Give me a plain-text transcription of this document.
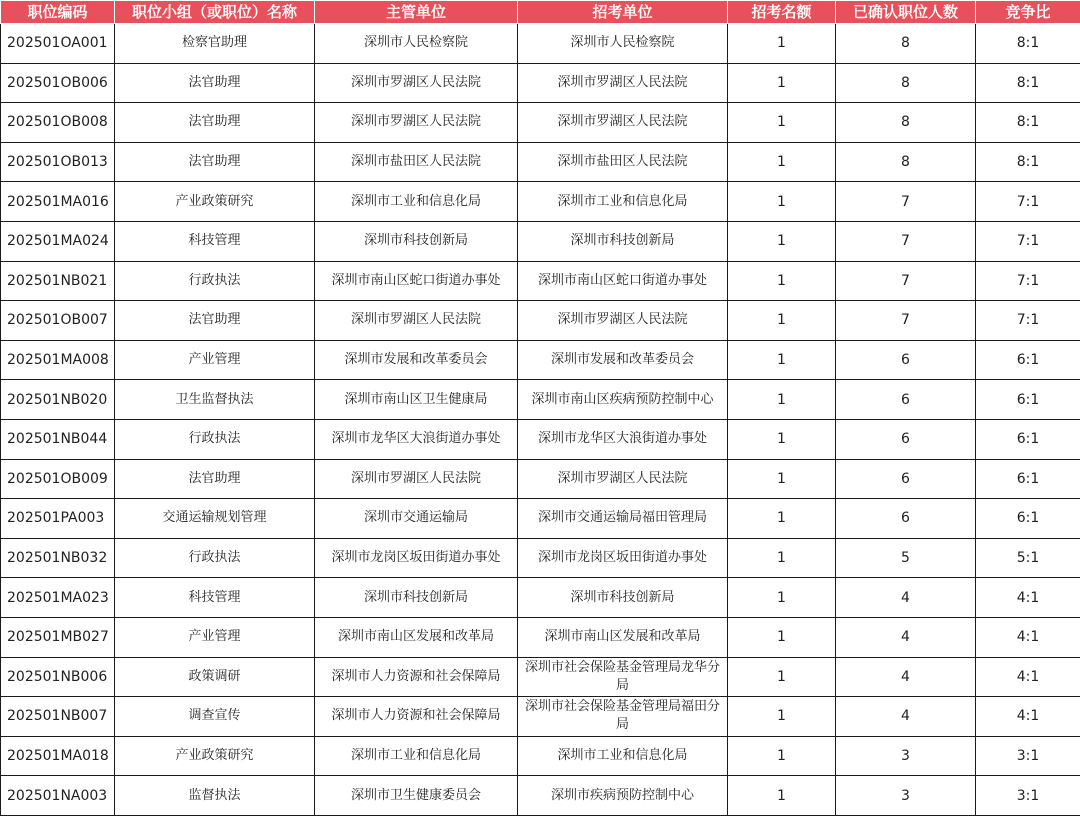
职位编码	职位小组（或职位）名称	主管单位	招考单位	招考名额	已确认职位人数	竞争比
202501OA001	检察官助理	深圳市人民检察院	深圳市人民检察院	1	8	8:1
202501OB006	法官助理	深圳市罗湖区人民法院	深圳市罗湖区人民法院	1	8	8:1
202501OB008	法官助理	深圳市罗湖区人民法院	深圳市罗湖区人民法院	1	8	8:1
202501OB013	法官助理	深圳市盐田区人民法院	深圳市盐田区人民法院	1	8	8:1
202501MA016	产业政策研究	深圳市工业和信息化局	深圳市工业和信息化局	1	7	7:1
202501MA024	科技管理	深圳市科技创新局	深圳市科技创新局	1	7	7:1
202501NB021	行政执法	深圳市南山区蛇口街道办事处	深圳市南山区蛇口街道办事处	1	7	7:1
202501OB007	法官助理	深圳市罗湖区人民法院	深圳市罗湖区人民法院	1	7	7:1
202501MA008	产业管理	深圳市发展和改革委员会	深圳市发展和改革委员会	1	6	6:1
202501NB020	卫生监督执法	深圳市南山区卫生健康局	深圳市南山区疾病预防控制中心	1	6	6:1
202501NB044	行政执法	深圳市龙华区大浪街道办事处	深圳市龙华区大浪街道办事处	1	6	6:1
202501OB009	法官助理	深圳市罗湖区人民法院	深圳市罗湖区人民法院	1	6	6:1
202501PA003	交通运输规划管理	深圳市交通运输局	深圳市交通运输局福田管理局	1	6	6:1
202501NB032	行政执法	深圳市龙岗区坂田街道办事处	深圳市龙岗区坂田街道办事处	1	5	5:1
202501MA023	科技管理	深圳市科技创新局	深圳市科技创新局	1	4	4:1
202501MB027	产业管理	深圳市南山区发展和改革局	深圳市南山区发展和改革局	1	4	4:1
202501NB006	政策调研	深圳市人力资源和社会保障局	深圳市社会保险基金管理局龙华分局	1	4	4:1
202501NB007	调查宣传	深圳市人力资源和社会保障局	深圳市社会保险基金管理局福田分局	1	4	4:1
202501MA018	产业政策研究	深圳市工业和信息化局	深圳市工业和信息化局	1	3	3:1
202501NA003	监督执法	深圳市卫生健康委员会	深圳市疾病预防控制中心	1	3	3:1
